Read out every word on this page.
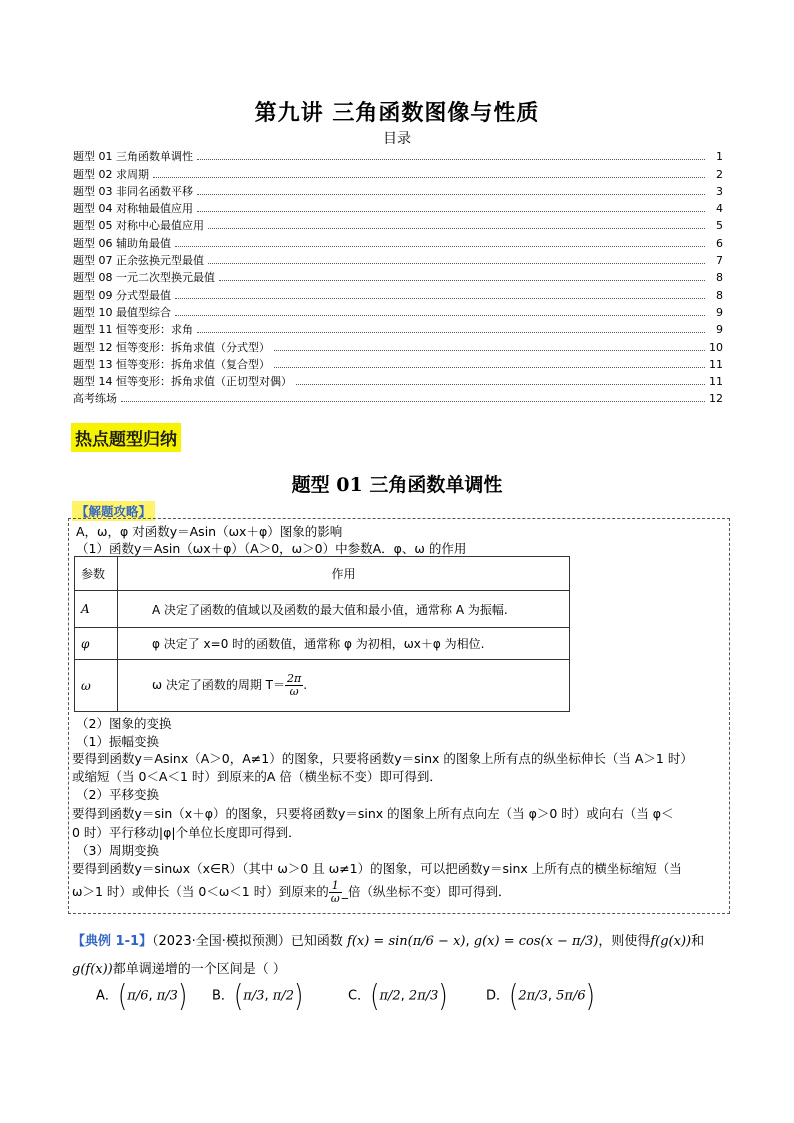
第九讲 三角函数图像与性质
目录
题型 01 三角函数单调性	1
题型 02 求周期	2
题型 03 非同名函数平移	3
题型 04 对称轴最值应用	4
题型 05 对称中心最值应用	5
题型 06 辅助角最值	6
题型 07 正余弦换元型最值	7
题型 08 一元二次型换元最值	8
题型 09 分式型最值	8
题型 10 最值型综合	9
题型 11 恒等变形：求角	9
题型 12 恒等变形：拆角求值（分式型）	10
题型 13 恒等变形：拆角求值（复合型）	11
题型 14 恒等变形：拆角求值（正切型对偶）	11
高考练场	12
热点题型归纳
题型 01 三角函数单调性
【解题攻略】
A，ω，φ 对函数y＝Asin（ωx＋φ）图象的影响
（1）函数y＝Asin（ωx＋φ）（A＞0，ω＞0）中参数A．φ、ω 的作用
参数	作用
A	A 决定了函数的值域以及函数的最大值和最小值，通常称 A 为振幅.
φ	φ 决定了 x=0 时的函数值，通常称 φ 为初相，ωx＋φ 为相位.
ω	ω 决定了函数的周期 $T= \frac{2\pi}{\omega}$ .
（2）图象的变换
（1）振幅变换
要得到函数y＝Asinx（A＞0，A≠1）的图象，只要将函数y＝sinx 的图象上所有点的纵坐标伸长（当 A＞1 时）
或缩短（当 0＜A＜1 时）到原来的A 倍（横坐标不变）即可得到．
（2）平移变换
要得到函数y＝sin（x＋φ）的图象，只要将函数y＝sinx 的图象上所有点向左（当 φ＞0 时）或向右（当 φ＜
0 时）平行移动|φ|个单位长度即可得到．
（3）周期变换
要得到函数y＝sinωx（x∈R）（其中 ω＞0 且 ω≠1）的图象，可以把函数y＝sinx 上所有点的横坐标缩短（当
ω＞1 时）或伸长（当 0＜ω＜1 时）到原来的 $\frac{1}{\omega}$ _倍（纵坐标不变）即可得到．
【典例 1-1】（2023·全国·模拟预测）已知函数 f(x) = sin(π/6 − x), g(x) = cos(x − π/3)，则使得f(g(x))和
g(f(x))都单调递增的一个区间是（ ）
A．(π/6, π/3) B．(π/3, π/2)	C．(π/2, 2π/3)	D．(2π/3, 5π/6)
